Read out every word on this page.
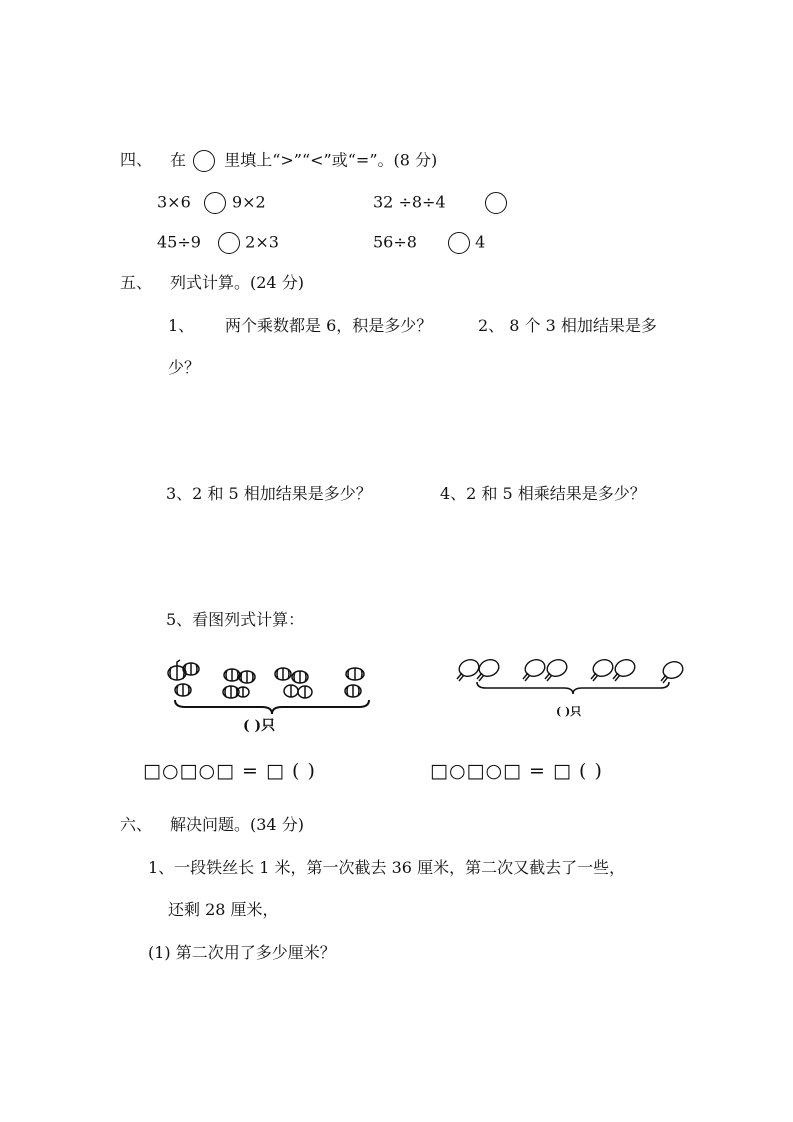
四、 在 里填上“>”“<”或“=”。(8 分)
3×6	9×2	32 ÷8÷4
45÷9	2×3	56÷8	4
五、 列式计算。(24 分)
1、 两个乘数都是 6，积是多少？	2、 8 个 3 相加结果是多
少？
3、2 和 5 相加结果是多少？	4、2 和 5 相乘结果是多少？
5、看图列式计算：
( )只
( )只
□○□○□ = □ ( )	□○□○□ = □ ( )
六、 解决问题。(34 分)
1、一段铁丝长 1 米，第一次截去 36 厘米，第二次又截去了一些，
还剩 28 厘米，
(1) 第二次用了多少厘米？
